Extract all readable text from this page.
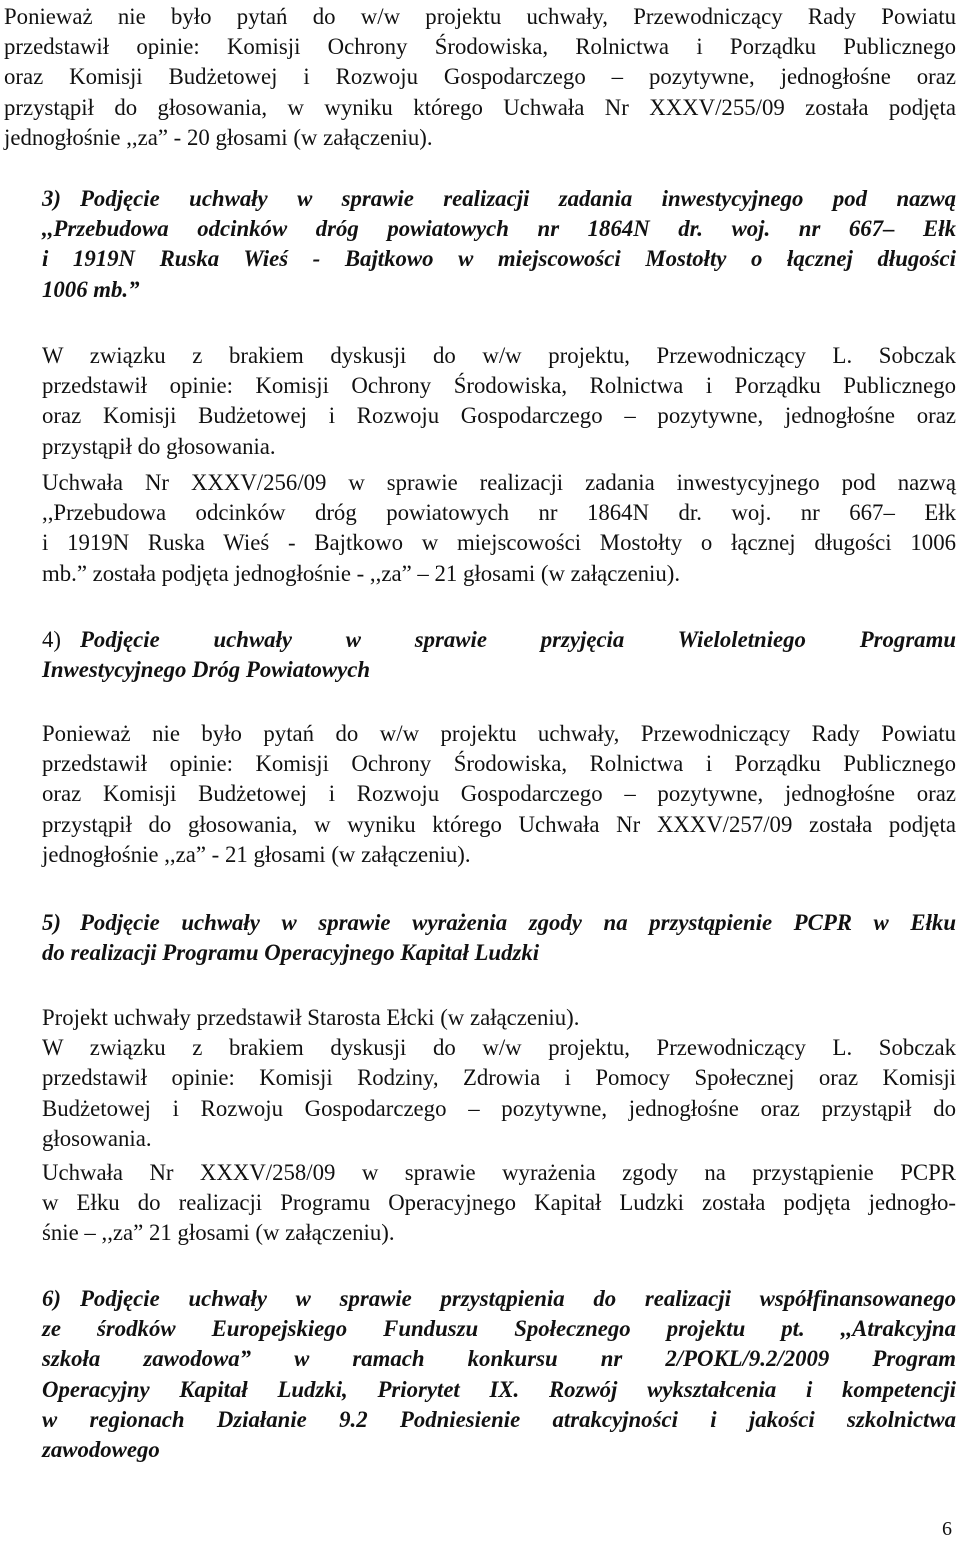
Ponieważ nie było pytań do w/w projektu uchwały, Przewodniczący Rady Powiatu
przedstawił opinie: Komisji Ochrony Środowiska, Rolnictwa i Porządku Publicznego
oraz Komisji Budżetowej i Rozwoju Gospodarczego – pozytywne, jednogłośne oraz
przystąpił do głosowania, w wyniku którego Uchwała Nr XXXV/255/09 została podjęta
jednogłośnie ,,za” - 20 głosami (w załączeniu).

3) Podjęcie uchwały w sprawie realizacji zadania inwestycyjnego pod nazwą
,,Przebudowa odcinków dróg powiatowych nr 1864N dr. woj. nr 667– Ełk
i 1919N Ruska Wieś - Bajtkowo w miejscowości Mostołty o łącznej długości
1006 mb.”

W związku z brakiem dyskusji do w/w projektu, Przewodniczący L. Sobczak
przedstawił opinie: Komisji Ochrony Środowiska, Rolnictwa i Porządku Publicznego
oraz Komisji Budżetowej i Rozwoju Gospodarczego – pozytywne, jednogłośne oraz
przystąpił do głosowania.

Uchwała Nr XXXV/256/09 w sprawie realizacji zadania inwestycyjnego pod nazwą
,,Przebudowa odcinków dróg powiatowych nr 1864N dr. woj. nr 667– Ełk
i 1919N Ruska Wieś - Bajtkowo w miejscowości Mostołty o łącznej długości 1006
mb.” została podjęta jednogłośnie - ,,za” – 21 głosami (w załączeniu).

4) Podjęcie uchwały w sprawie przyjęcia Wieloletniego Programu
Inwestycyjnego Dróg Powiatowych

Ponieważ nie było pytań do w/w projektu uchwały, Przewodniczący Rady Powiatu
przedstawił opinie: Komisji Ochrony Środowiska, Rolnictwa i Porządku Publicznego
oraz Komisji Budżetowej i Rozwoju Gospodarczego – pozytywne, jednogłośne oraz
przystąpił do głosowania, w wyniku którego Uchwała Nr XXXV/257/09 została podjęta
jednogłośnie ,,za” - 21 głosami (w załączeniu).

5) Podjęcie uchwały w sprawie wyrażenia zgody na przystąpienie PCPR w Ełku
do realizacji Programu Operacyjnego Kapitał Ludzki

Projekt uchwały przedstawił Starosta Ełcki (w załączeniu).
W związku z brakiem dyskusji do w/w projektu, Przewodniczący L. Sobczak
przedstawił opinie: Komisji Rodziny, Zdrowia i Pomocy Społecznej oraz Komisji
Budżetowej i Rozwoju Gospodarczego – pozytywne, jednogłośne oraz przystąpił do
głosowania.

Uchwała Nr XXXV/258/09 w sprawie wyrażenia zgody na przystąpienie PCPR
w Ełku do realizacji Programu Operacyjnego Kapitał Ludzki została podjęta jednogło-
śnie – ,,za” 21 głosami (w załączeniu).

6) Podjęcie uchwały w sprawie przystąpienia do realizacji współfinansowanego
ze środków Europejskiego Funduszu Społecznego projektu pt. ,,Atrakcyjna
szkoła zawodowa” w ramach konkursu nr 2/POKL/9.2/2009 Program
Operacyjny Kapitał Ludzki, Priorytet IX. Rozwój wykształcenia i kompetencji
w regionach Działanie 9.2 Podniesienie atrakcyjności i jakości szkolnictwa
zawodowego
6
